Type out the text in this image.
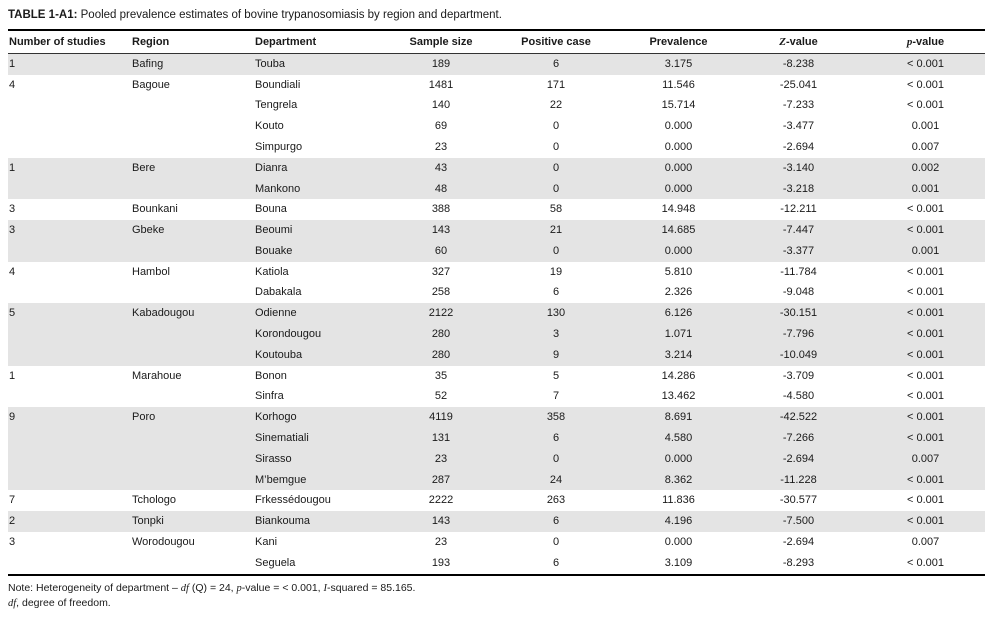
TABLE 1-A1: Pooled prevalence estimates of bovine trypanosomiasis by region and department.
Number of studies	Region	Department	Sample size	Positive case	Prevalence	Z-value	p-value
1	Bafing	Touba	189	6	3.175	-8.238	< 0.001
4	Bagoue	Boundiali	1481	171	11.546	-25.041	< 0.001
		Tengrela	140	22	15.714	-7.233	< 0.001
		Kouto	69	0	0.000	-3.477	0.001
		Simpurgo	23	0	0.000	-2.694	0.007
1	Bere	Dianra	43	0	0.000	-3.140	0.002
		Mankono	48	0	0.000	-3.218	0.001
3	Bounkani	Bouna	388	58	14.948	-12.211	< 0.001
3	Gbeke	Beoumi	143	21	14.685	-7.447	< 0.001
		Bouake	60	0	0.000	-3.377	0.001
4	Hambol	Katiola	327	19	5.810	-11.784	< 0.001
		Dabakala	258	6	2.326	-9.048	< 0.001
5	Kabadougou	Odienne	2122	130	6.126	-30.151	< 0.001
		Korondougou	280	3	1.071	-7.796	< 0.001
		Koutouba	280	9	3.214	-10.049	< 0.001
1	Marahoue	Bonon	35	5	14.286	-3.709	< 0.001
		Sinfra	52	7	13.462	-4.580	< 0.001
9	Poro	Korhogo	4119	358	8.691	-42.522	< 0.001
		Sinematiali	131	6	4.580	-7.266	< 0.001
		Sirasso	23	0	0.000	-2.694	0.007
		M’bemgue	287	24	8.362	-11.228	< 0.001
7	Tchologo	Frkessédougou	2222	263	11.836	-30.577	< 0.001
2	Tonpki	Biankouma	143	6	4.196	-7.500	< 0.001
3	Worodougou	Kani	23	0	0.000	-2.694	0.007
		Seguela	193	6	3.109	-8.293	< 0.001
Note: Heterogeneity of department – df (Q) = 24, p-value = < 0.001, I-squared = 85.165.
df, degree of freedom.
